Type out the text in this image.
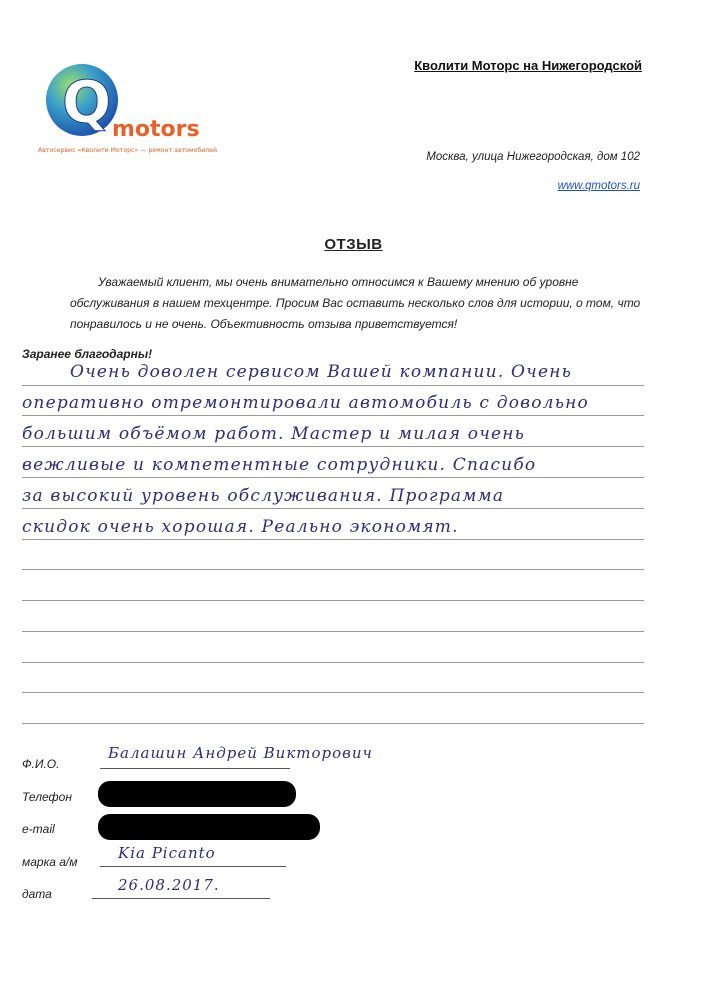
Q motors
Автосервис «Кволити Моторс» — ремонт автомобилей
Кволити Моторс на Нижегородской
Москва, улица Нижегородская, дом 102
www.qmotors.ru
ОТЗЫВ
Уважаемый клиент, мы очень внимательно относимся к Вашему мнению об уровне обслуживания в нашем техцентре. Просим Вас оставить несколько слов для истории, о том, что понравилось и не очень. Объективность отзыва приветствуется!
Заранее благодарны!
Очень доволен сервисом Вашей компании. Очень
оперативно отремонтировали автомобиль с довольно
большим объёмом работ. Мастер и милая очень
вежливые и компетентные сотрудники. Спасибо
за высокий уровень обслуживания. Программа
скидок очень хорошая. Реально экономят.
Ф.И.О.
Балашин Андрей Викторович
Телефон
e-mail
марка а/м	Kia Picanto
дата	26.08.2017.
